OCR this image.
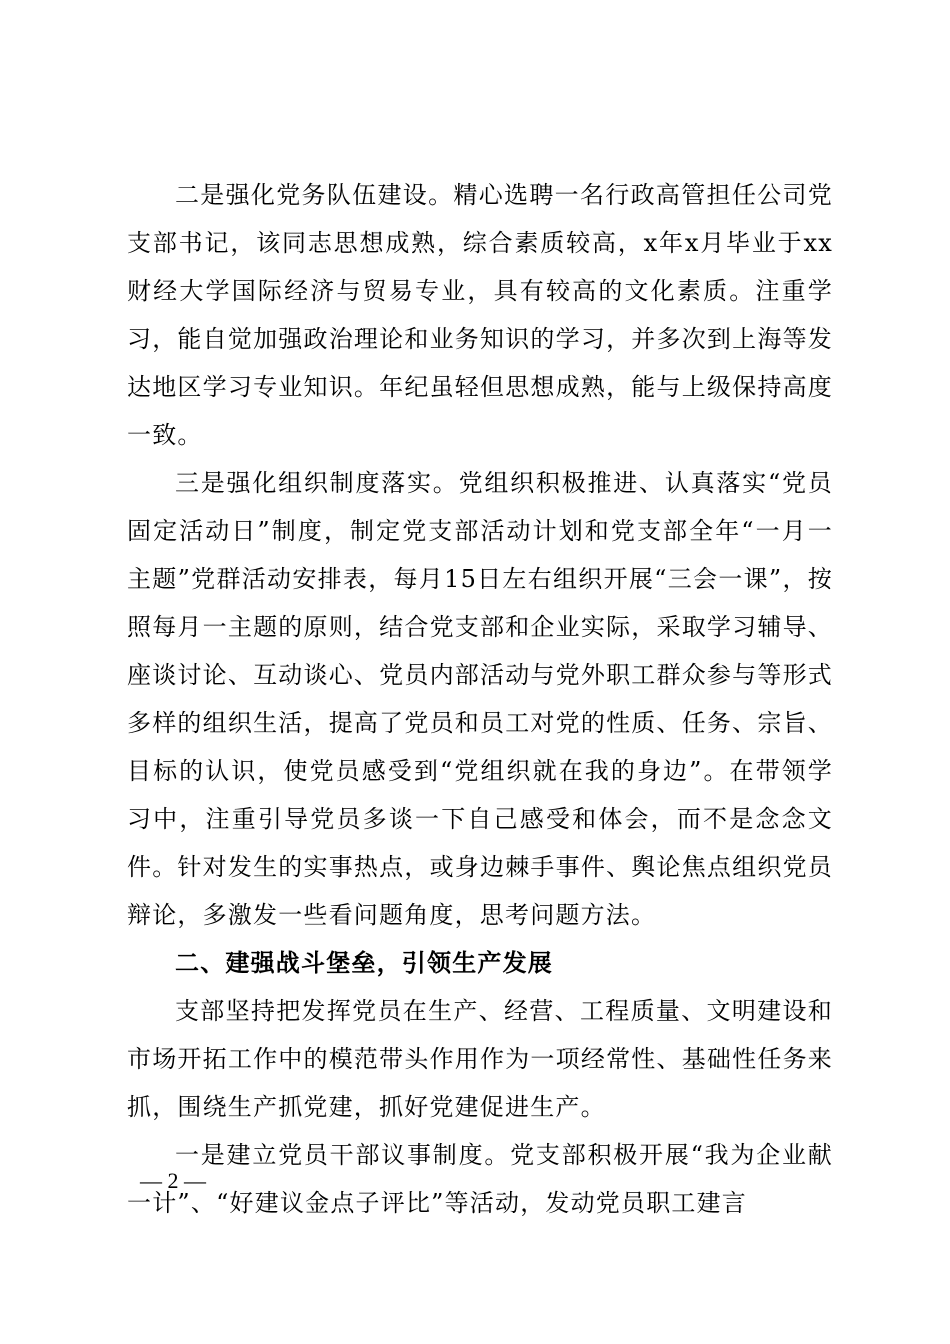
二是强化党务队伍建设。精心选聘一名行政高管担任公司党支部书记，该同志思想成熟，综合素质较高，x年x月毕业于xx财经大学国际经济与贸易专业，具有较高的文化素质。注重学习，能自觉加强政治理论和业务知识的学习，并多次到上海等发达地区学习专业知识。年纪虽轻但思想成熟，能与上级保持高度一致。

三是强化组织制度落实。党组织积极推进、认真落实“党员固定活动日”制度，制定党支部活动计划和党支部全年“一月一主题”党群活动安排表，每月15日左右组织开展“三会一课”，按照每月一主题的原则，结合党支部和企业实际，采取学习辅导、座谈讨论、互动谈心、党员内部活动与党外职工群众参与等形式多样的组织生活，提高了党员和员工对党的性质、任务、宗旨、目标的认识，使党员感受到“党组织就在我的身边”。在带领学习中，注重引导党员多谈一下自己感受和体会，而不是念念文件。针对发生的实事热点，或身边棘手事件、舆论焦点组织党员辩论，多激发一些看问题角度，思考问题方法。

二、建强战斗堡垒，引领生产发展

支部坚持把发挥党员在生产、经营、工程质量、文明建设和市场开拓工作中的模范带头作用作为一项经常性、基础性任务来抓，围绕生产抓党建，抓好党建促进生产。

一是建立党员干部议事制度。党支部积极开展“我为企业献一计”、“好建议金点子评比”等活动，发动党员职工建言

— 2 —
